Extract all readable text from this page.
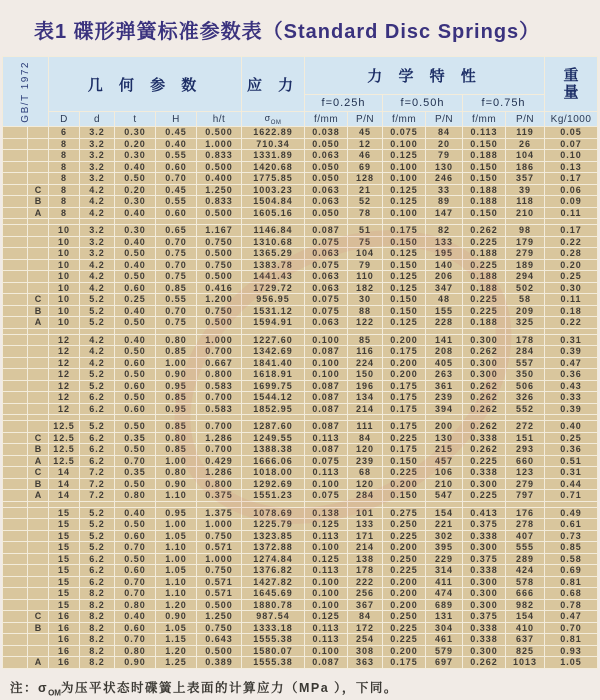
表1 碟形弹簧标准参数表（Standard Disc Springs）
GB/T 1972		几 何 参 数					应 力	力 学 特 性						重
量

								f=0.25h		f=0.50h		f=0.75h		
		D	d	t	H	h/t	$\sigma_{OM}$	f/mm	P/N	f/mm	P/N	f/mm	P/N	Kg/1000
		6	3.2	0.30	0.45	0.500	1622.89	0.038	45	0.075	84	0.113	119	0.05
		8	3.2	0.20	0.40	1.000	710.34	0.050	12	0.100	20	0.150	26	0.07
		8	3.2	0.30	0.55	0.833	1331.89	0.063	46	0.125	79	0.188	104	0.10
		8	3.2	0.40	0.60	0.500	1420.68	0.050	69	0.100	130	0.150	186	0.13
		8	3.2	0.50	0.70	0.400	1775.85	0.050	128	0.100	246	0.150	357	0.17
	C	8	4.2	0.20	0.45	1.250	1003.23	0.063	21	0.125	33	0.188	39	0.06
	B	8	4.2	0.30	0.55	0.833	1504.84	0.063	52	0.125	89	0.188	118	0.09
	A	8	4.2	0.40	0.60	0.500	1605.16	0.050	78	0.100	147	0.150	210	0.11

		10	3.2	0.30	0.65	1.167	1146.84	0.087	51	0.175	82	0.262	98	0.17
		10	3.2	0.40	0.70	0.750	1310.68	0.075	75	0.150	133	0.225	179	0.22
		10	3.2	0.50	0.75	0.500	1365.29	0.063	104	0.125	195	0.188	279	0.28
		10	4.2	0.40	0.70	0.750	1383.78	0.075	79	0.150	140	0.225	189	0.20
		10	4.2	0.50	0.75	0.500	1441.43	0.063	110	0.125	206	0.188	294	0.25
		10	4.2	0.60	0.85	0.416	1729.72	0.063	182	0.125	347	0.188	502	0.30
	C	10	5.2	0.25	0.55	1.200	956.95	0.075	30	0.150	48	0.225	58	0.11
	B	10	5.2	0.40	0.70	0.750	1531.12	0.075	88	0.150	155	0.225	209	0.18
	A	10	5.2	0.50	0.75	0.500	1594.91	0.063	122	0.125	228	0.188	325	0.22

		12	4.2	0.40	0.80	1.000	1227.60	0.100	85	0.200	141	0.300	178	0.31
		12	4.2	0.50	0.85	0.700	1342.69	0.087	116	0.175	208	0.262	284	0.39
		12	4.2	0.60	1.00	0.667	1841.40	0.100	224	0.200	405	0.300	557	0.47
		12	5.2	0.50	0.90	0.800	1618.91	0.100	150	0.200	263	0.300	350	0.36
		12	5.2	0.60	0.95	0.583	1699.75	0.087	196	0.175	361	0.262	506	0.43
		12	6.2	0.50	0.85	0.700	1544.12	0.087	134	0.175	239	0.262	326	0.33
		12	6.2	0.60	0.95	0.583	1852.95	0.087	214	0.175	394	0.262	552	0.39

		12.5	5.2	0.50	0.85	0.700	1287.60	0.087	111	0.175	200	0.262	272	0.40
	C	12.5	6.2	0.35	0.80	1.286	1249.55	0.113	84	0.225	130	0.338	151	0.25
	B	12.5	6.2	0.50	0.85	0.700	1388.38	0.087	120	0.175	215	0.262	293	0.36
	A	12.5	6.2	0.70	1.00	0.429	1666.06	0.075	239	0.150	457	0.225	660	0.51
	C	14	7.2	0.35	0.80	1.286	1018.00	0.113	68	0.225	106	0.338	123	0.31
	B	14	7.2	0.50	0.90	0.800	1292.69	0.100	120	0.200	210	0.300	279	0.44
	A	14	7.2	0.80	1.10	0.375	1551.23	0.075	284	0.150	547	0.225	797	0.71

		15	5.2	0.40	0.95	1.375	1078.69	0.138	101	0.275	154	0.413	176	0.49
		15	5.2	0.50	1.00	1.000	1225.79	0.125	133	0.250	221	0.375	278	0.61
		15	5.2	0.60	1.05	0.750	1323.85	0.113	171	0.225	302	0.338	407	0.73
		15	5.2	0.70	1.10	0.571	1372.88	0.100	214	0.200	395	0.300	555	0.85
		15	6.2	0.50	1.00	1.000	1274.84	0.125	138	0.250	229	0.375	289	0.58
		15	6.2	0.60	1.05	0.750	1376.82	0.113	178	0.225	314	0.338	424	0.69
		15	6.2	0.70	1.10	0.571	1427.82	0.100	222	0.200	411	0.300	578	0.81
		15	8.2	0.70	1.10	0.571	1645.69	0.100	256	0.200	474	0.300	666	0.68
		15	8.2	0.80	1.20	0.500	1880.78	0.100	367	0.200	689	0.300	982	0.78
	C	16	8.2	0.40	0.90	1.250	987.54	0.125	84	0.250	131	0.375	154	0.47
	B	16	8.2	0.60	1.05	0.750	1333.18	0.113	172	0.225	304	0.338	410	0.70
		16	8.2	0.70	1.15	0.643	1555.38	0.113	254	0.225	461	0.338	637	0.81
		16	8.2	0.80	1.20	0.500	1580.07	0.100	308	0.200	579	0.300	825	0.93
	A	16	8.2	0.90	1.25	0.389	1555.38	0.087	363	0.175	697	0.262	1013	1.05
注：$\sigma_{OM}$为压平状态时碟簧上表面的计算应力（MPa ），下同。
